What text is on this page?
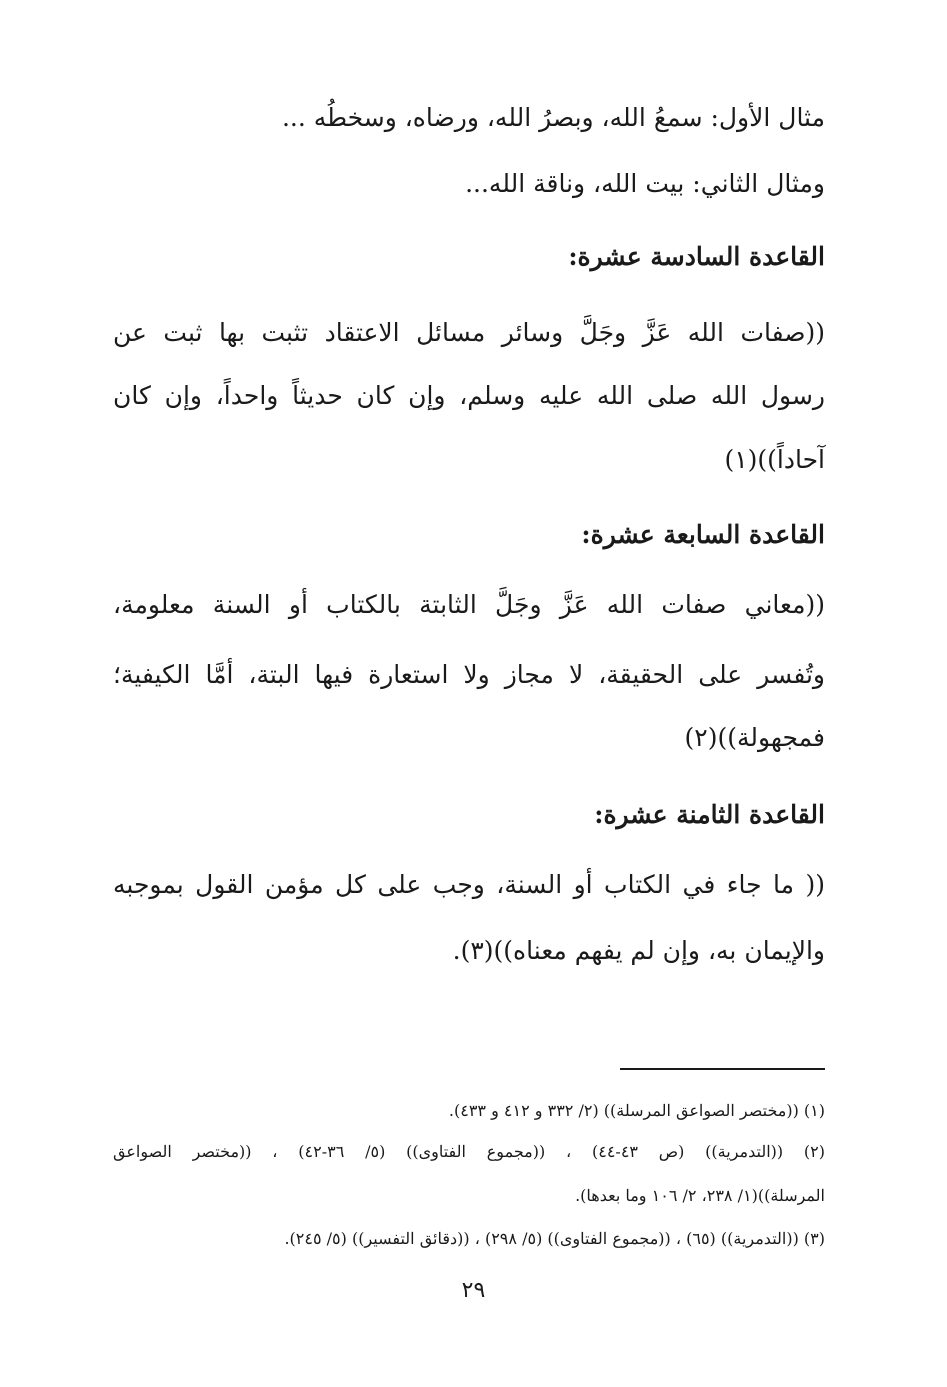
مثال الأول: سمعُ الله، وبصرُ الله، ورضاه، وسخطُه ...
ومثال الثاني: بيت الله، وناقة الله...
القاعدة السادسة عشرة:
((صفات الله عَزَّ وجَلَّ وسائر مسائل الاعتقاد تثبت بها ثبت عن
رسول الله صلى الله عليه وسلم، وإن كان حديثاً واحداً، وإن كان
آحاداً))(١)
القاعدة السابعة عشرة:
((معاني صفات الله عَزَّ وجَلَّ الثابتة بالكتاب أو السنة معلومة،
وتُفسر على الحقيقة، لا مجاز ولا استعارة فيها البتة، أمَّا الكيفية؛
فمجهولة))(٢)
القاعدة الثامنة عشرة:
(( ما جاء في الكتاب أو السنة، وجب على كل مؤمن القول بموجبه
والإيمان به، وإن لم يفهم معناه))(٣).
(١) ((مختصر الصواعق المرسلة)) (٢/ ٣٣٢ و ٤١٢ و ٤٣٣).
(٢) ((التدمرية)) (ص ٤٣-٤٤) ، ((مجموع الفتاوى)) (٥/ ٣٦-٤٢) ، ((مختصر الصواعق
المرسلة))(١/ ٢٣٨، ٢/ ١٠٦ وما بعدها).
(٣) ((التدمرية)) (٦٥) ، ((مجموع الفتاوى)) (٥/ ٢٩٨) ، ((دقائق التفسير)) (٥/ ٢٤٥).
٢٩
